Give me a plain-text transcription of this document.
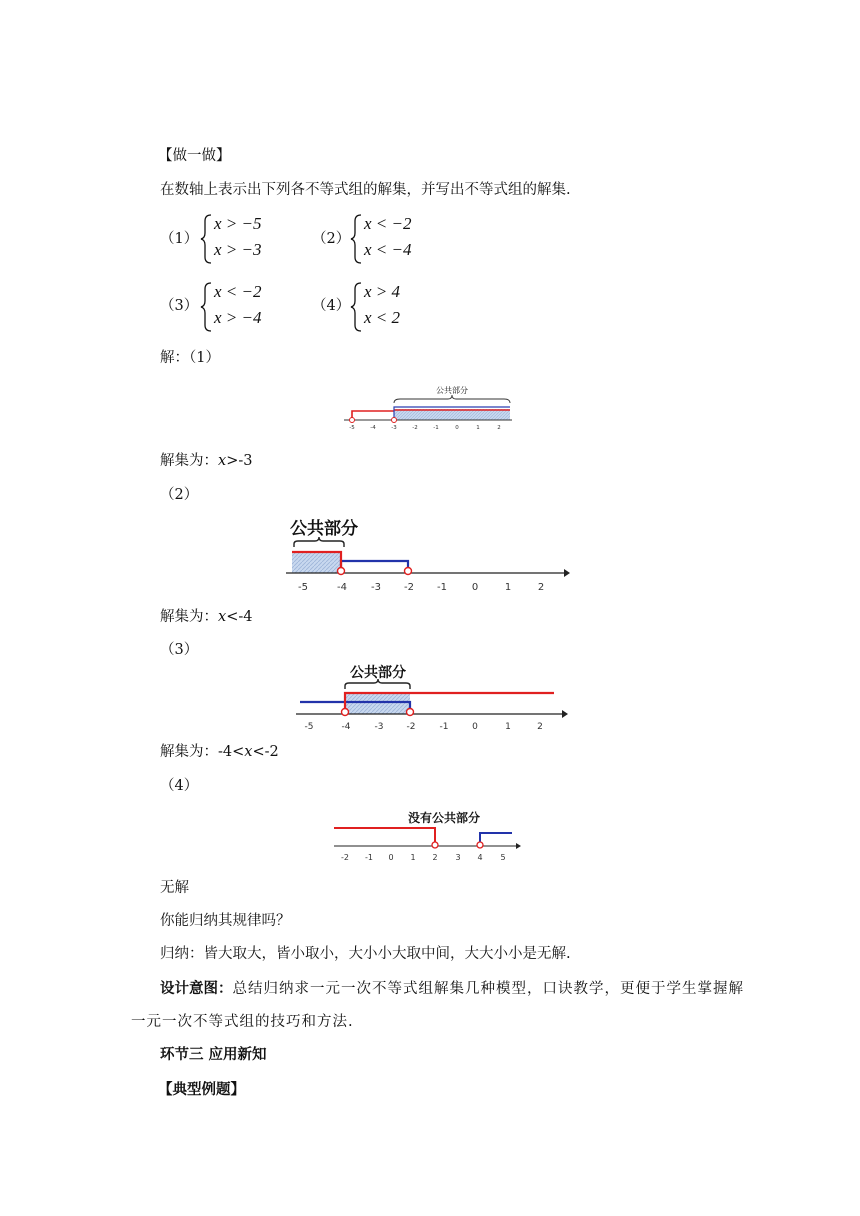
【做一做】
在数轴上表示出下列各不等式组的解集，并写出不等式组的解集.
（1）
x > −5
x > −3
（2）
x < −2
x < −4
（3）
x < −2
x > −4
（4）
x > 4
x < 2
解：（1）
公共部分
-5	-4	-3	-2	-1	0	1	2
解集为：x>-3
（2）
公共部分
-5	-4 -3 -2 -1 0	1	2
解集为：x<-4
（3）
公共部分
-5	-4	-3	-2	-1	0	1	2
解集为：-4<x<-2
（4）
没有公共部分
-2 -1 0 1 2 3 4 5
无解
你能归纳其规律吗？
归纳：皆大取大，皆小取小，大小小大取中间，大大小小是无解.
设计意图：总结归纳求一元一次不等式组解集几种模型，口诀教学，更便于学生掌握解
一元一次不等式组的技巧和方法.
环节三 应用新知
【典型例题】
